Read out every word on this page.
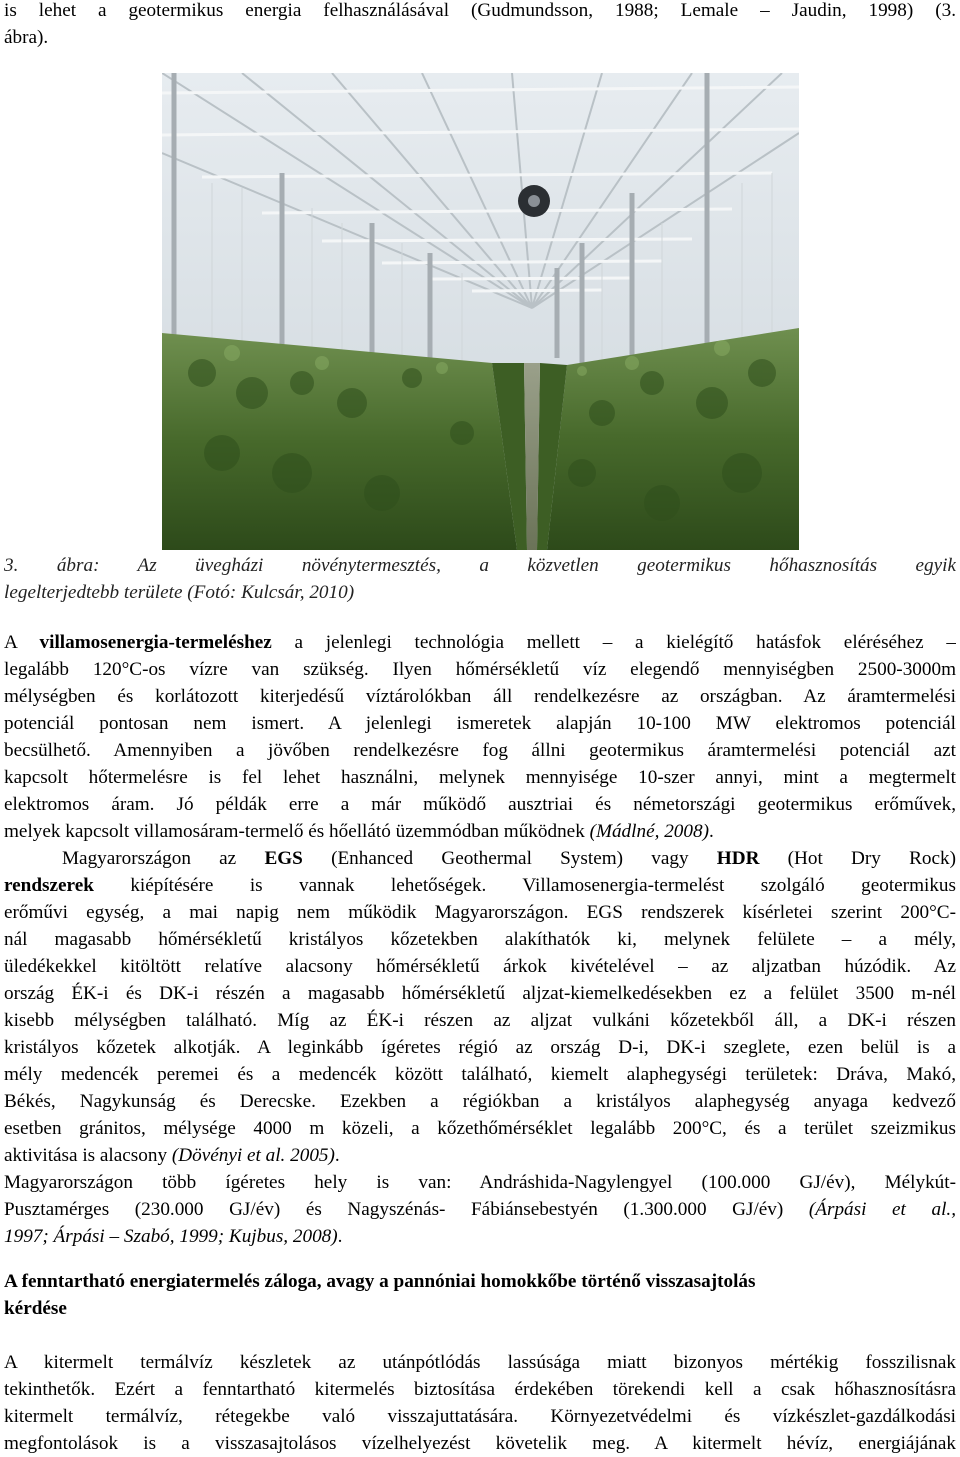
is lehet a geotermikus energia felhasználásával (Gudmundsson, 1988; Lemale – Jaudin, 1998) (3.
ábra).
3. ábra: Az üvegházi növénytermesztés, a közvetlen geotermikus hőhasznosítás egyik
legelterjedtebb területe (Fotó: Kulcsár, 2010)
A villamosenergia-termeléshez a jelenlegi technológia mellett – a kielégítő hatásfok eléréséhez –
legalább 120°C-os vízre van szükség. Ilyen hőmérsékletű víz elegendő mennyiségben 2500-3000m
mélységben és korlátozott kiterjedésű víztárolókban áll rendelkezésre az országban. Az áramtermelési
potenciál pontosan nem ismert. A jelenlegi ismeretek alapján 10-100 MW elektromos potenciál
becsülhető. Amennyiben a jövőben rendelkezésre fog állni geotermikus áramtermelési potenciál azt
kapcsolt hőtermelésre is fel lehet használni, melynek mennyisége 10-szer annyi, mint a megtermelt
elektromos áram. Jó példák erre a már működő ausztriai és németországi geotermikus erőművek,
melyek kapcsolt villamosáram-termelő és hőellátó üzemmódban működnek (Mádlné, 2008).
Magyarországon az EGS (Enhanced Geothermal System) vagy HDR (Hot Dry Rock)
rendszerek kiépítésére is vannak lehetőségek. Villamosenergia-termelést szolgáló geotermikus
erőművi egység, a mai napig nem működik Magyarországon. EGS rendszerek kísérletei szerint 200°C-
nál magasabb hőmérsékletű kristályos kőzetekben alakíthatók ki, melynek felülete – a mély,
üledékekkel kitöltött relatíve alacsony hőmérsékletű árkok kivételével – az aljzatban húzódik. Az
ország ÉK-i és DK-i részén a magasabb hőmérsékletű aljzat-kiemelkedésekben ez a felület 3500 m-nél
kisebb mélységben található. Míg az ÉK-i részen az aljzat vulkáni kőzetekből áll, a DK-i részen
kristályos kőzetek alkotják. A leginkább ígéretes régió az ország D-i, DK-i szeglete, ezen belül is a
mély medencék peremei és a medencék között található, kiemelt alaphegységi területek: Dráva, Makó,
Békés, Nagykunság és Derecske. Ezekben a régiókban a kristályos alaphegység anyaga kedvező
esetben gránitos, mélysége 4000 m közeli, a kőzethőmérséklet legalább 200°C, és a terület szeizmikus
aktivitása is alacsony (Dövényi et al. 2005).
Magyarországon több ígéretes hely is van: Andráshida-Nagylengyel (100.000 GJ/év), Mélykút-
Pusztamérges (230.000 GJ/év) és Nagyszénás- Fábiánsebestyén (1.300.000 GJ/év) (Árpási et al.,
1997; Árpási – Szabó, 1999; Kujbus, 2008).
A fenntartható energiatermelés záloga, avagy a pannóniai homokkőbe történő visszasajtolás
kérdése
A kitermelt termálvíz készletek az utánpótlódás lassúsága miatt bizonyos mértékig fosszilisnak
tekinthetők. Ezért a fenntartható kitermelés biztosítása érdekében törekendi kell a csak hőhasznosításra
kitermelt termálvíz, rétegekbe való visszajuttatására. Környezetvédelmi és vízkészlet-gazdálkodási
megfontolások is a visszasajtolásos vízelhelyezést követelik meg. A kitermelt hévíz, energiájának
